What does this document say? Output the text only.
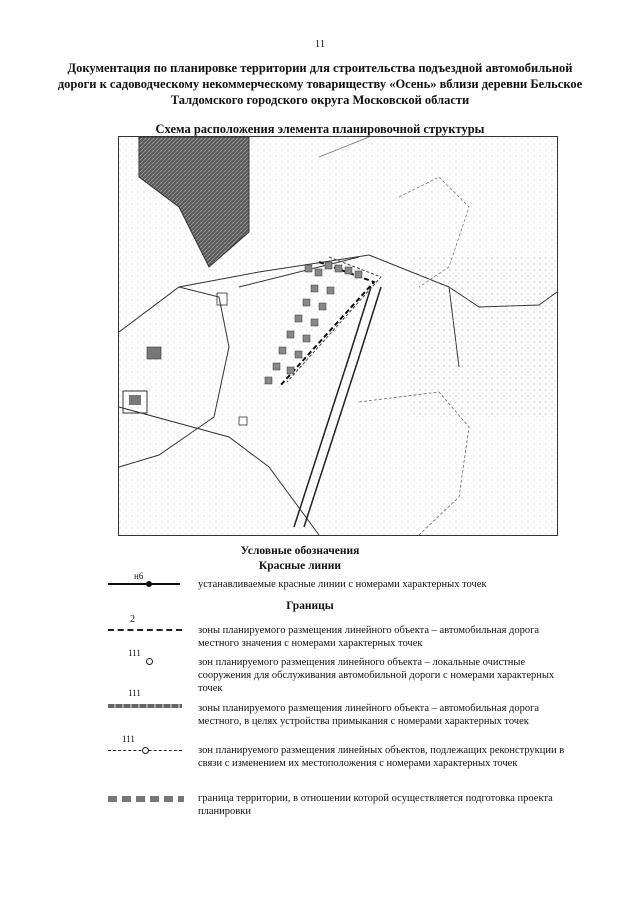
11
Документация по планировке территории для строительства подъездной автомобильной
дороги к садоводческому некоммерческому товариществу «Осень» вблизи деревни Бельское
Талдомского городского округа Московской области
Схема расположения элемента планировочной структуры
Условные обозначения
Красные линии
н6
устанавливаемые красные линии с номерами характерных точек
Границы
2
зоны планируемого размещения линейного объекта – автомобильная дорога местного значения с номерами характерных точек
111
зон планируемого размещения линейного объекта – локальные очистные сооружения для обслуживания автомобильной дороги с номерами характерных точек
111
зоны планируемого размещения линейного объекта – автомобильная дорога местного, в целях устройства примыкания с номерами характерных точек
111
зон планируемого размещения линейных объектов, подлежащих реконструкции в связи с изменением их местоположения с номерами характерных точек
граница территории, в отношении которой осуществляется подготовка проекта планировки
